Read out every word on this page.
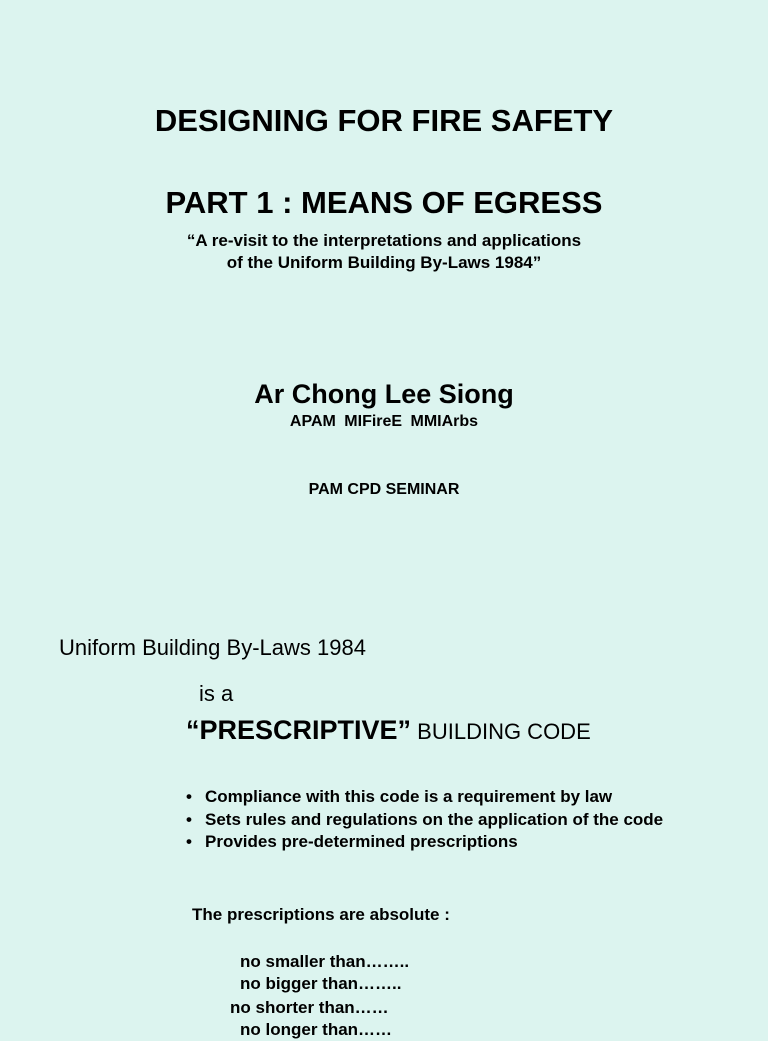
DESIGNING FOR FIRE SAFETY
PART 1 : MEANS OF EGRESS
“A re-visit to the interpretations and applications
of the Uniform Building By-Laws 1984”
Ar Chong Lee Siong
APAM MIFireE MMIArbs
PAM CPD SEMINAR
Uniform Building By-Laws 1984
is a
“PRESCRIPTIVE” BUILDING CODE
• Compliance with this code is a requirement by law
• Sets rules and regulations on the application of the code
• Provides pre-determined prescriptions
The prescriptions are absolute :
no smaller than……..
no bigger than……..
no shorter than……
no longer than……
